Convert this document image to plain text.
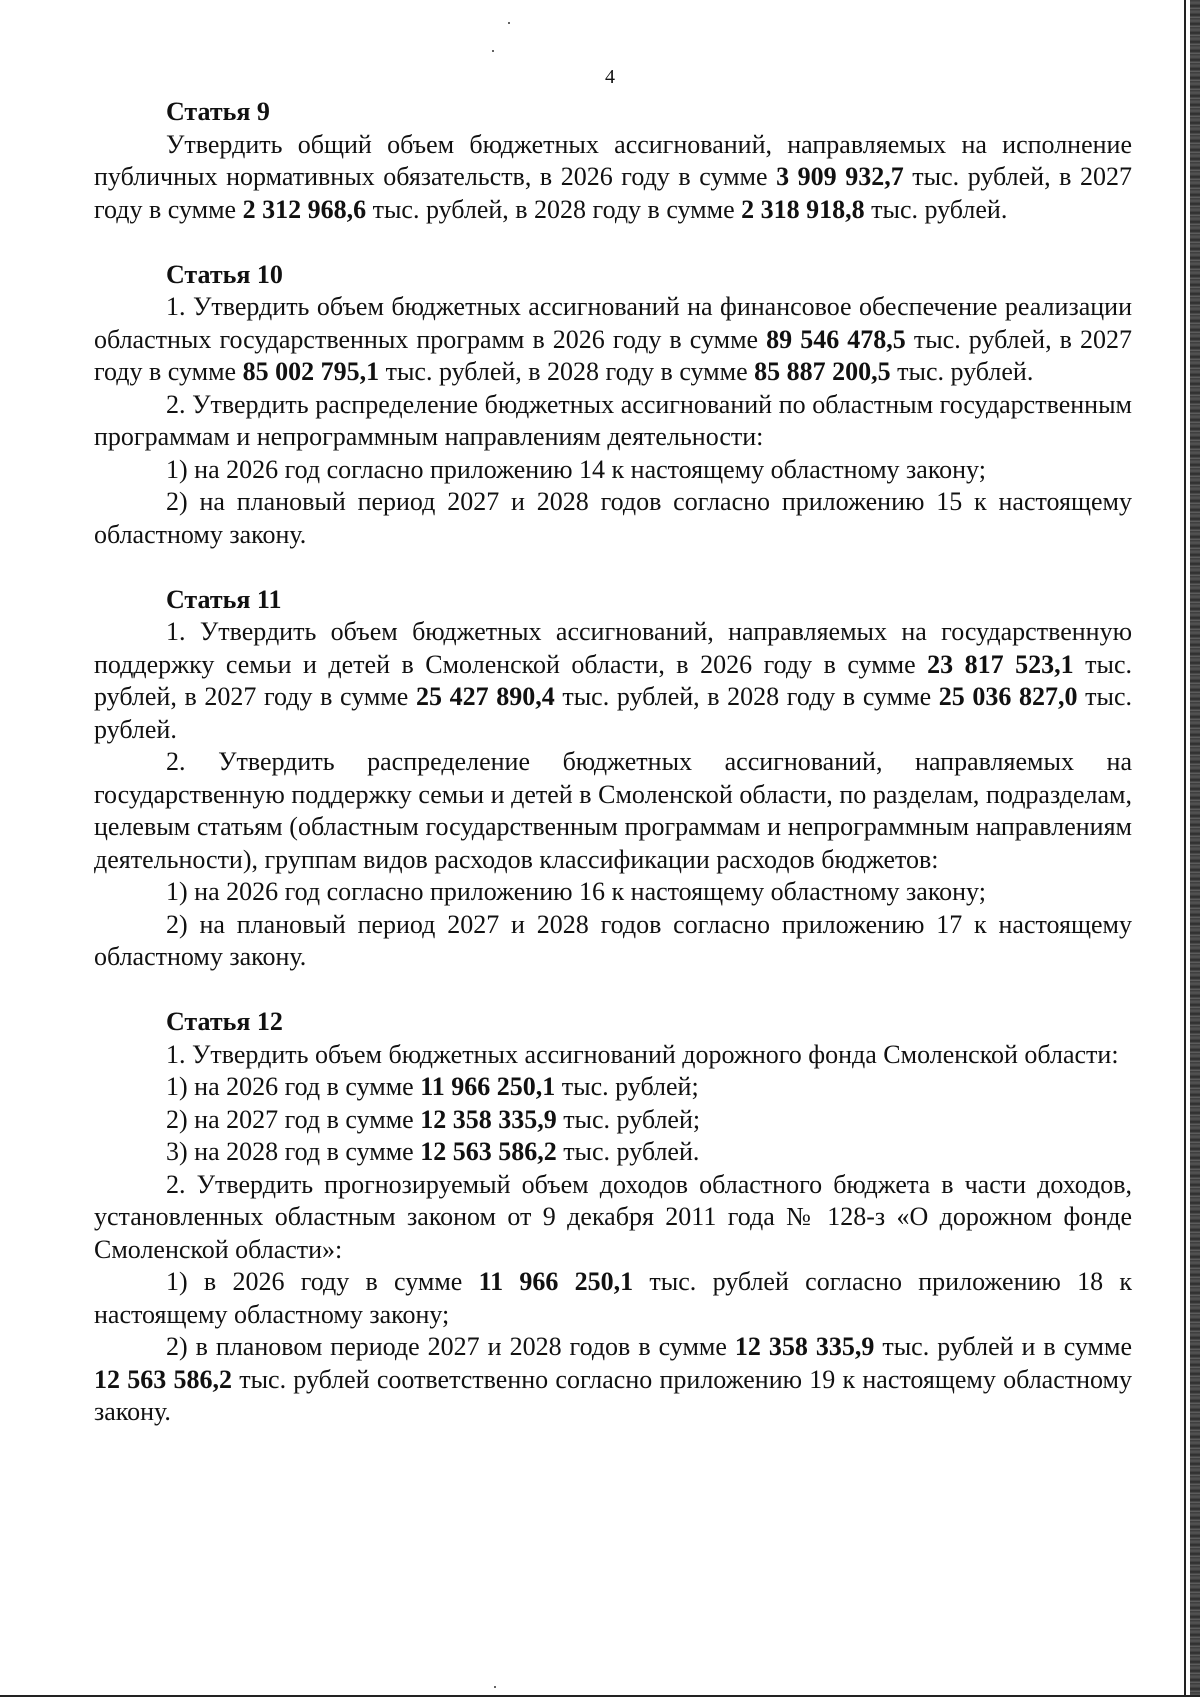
4
Статья 9

Утвердить общий объем бюджетных ассигнований, направляемых на исполнение публичных нормативных обязательств, в 2026 году в сумме 3 909 932,7 тыс. рублей, в 2027 году в сумме 2 312 968,6 тыс. рублей, в 2028 году в сумме 2 318 918,8 тыс. рублей.

Статья 10

1. Утвердить объем бюджетных ассигнований на финансовое обеспечение реализации областных государственных программ в 2026 году в сумме 89 546 478,5 тыс. рублей, в 2027 году в сумме 85 002 795,1 тыс. рублей, в 2028 году в сумме 85 887 200,5 тыс. рублей.

2. Утвердить распределение бюджетных ассигнований по областным государственным программам и непрограммным направлениям деятельности:

1) на 2026 год согласно приложению 14 к настоящему областному закону;

2) на плановый период 2027 и 2028 годов согласно приложению 15 к настоящему областному закону.

Статья 11

1. Утвердить объем бюджетных ассигнований, направляемых на государственную поддержку семьи и детей в Смоленской области, в 2026 году в сумме 23 817 523,1 тыс. рублей, в 2027 году в сумме 25 427 890,4 тыс. рублей, в 2028 году в сумме 25 036 827,0 тыс. рублей.

2. Утвердить распределение бюджетных ассигнований, направляемых на государственную поддержку семьи и детей в Смоленской области, по разделам, подразделам, целевым статьям (областным государственным программам и непрограммным направлениям деятельности), группам видов расходов классификации расходов бюджетов:

1) на 2026 год согласно приложению 16 к настоящему областному закону;

2) на плановый период 2027 и 2028 годов согласно приложению 17 к настоящему областному закону.

Статья 12

1. Утвердить объем бюджетных ассигнований дорожного фонда Смоленской области:

1) на 2026 год в сумме 11 966 250,1 тыс. рублей;

2) на 2027 год в сумме 12 358 335,9 тыс. рублей;

3) на 2028 год в сумме 12 563 586,2 тыс. рублей.

2. Утвердить прогнозируемый объем доходов областного бюджета в части доходов, установленных областным законом от 9 декабря 2011 года № 128-з «О дорожном фонде Смоленской области»:

1) в 2026 году в сумме 11 966 250,1 тыс. рублей согласно приложению 18 к настоящему областному закону;

2) в плановом периоде 2027 и 2028 годов в сумме 12 358 335,9 тыс. рублей и в сумме 12 563 586,2 тыс. рублей соответственно согласно приложению 19 к настоящему областному закону.
